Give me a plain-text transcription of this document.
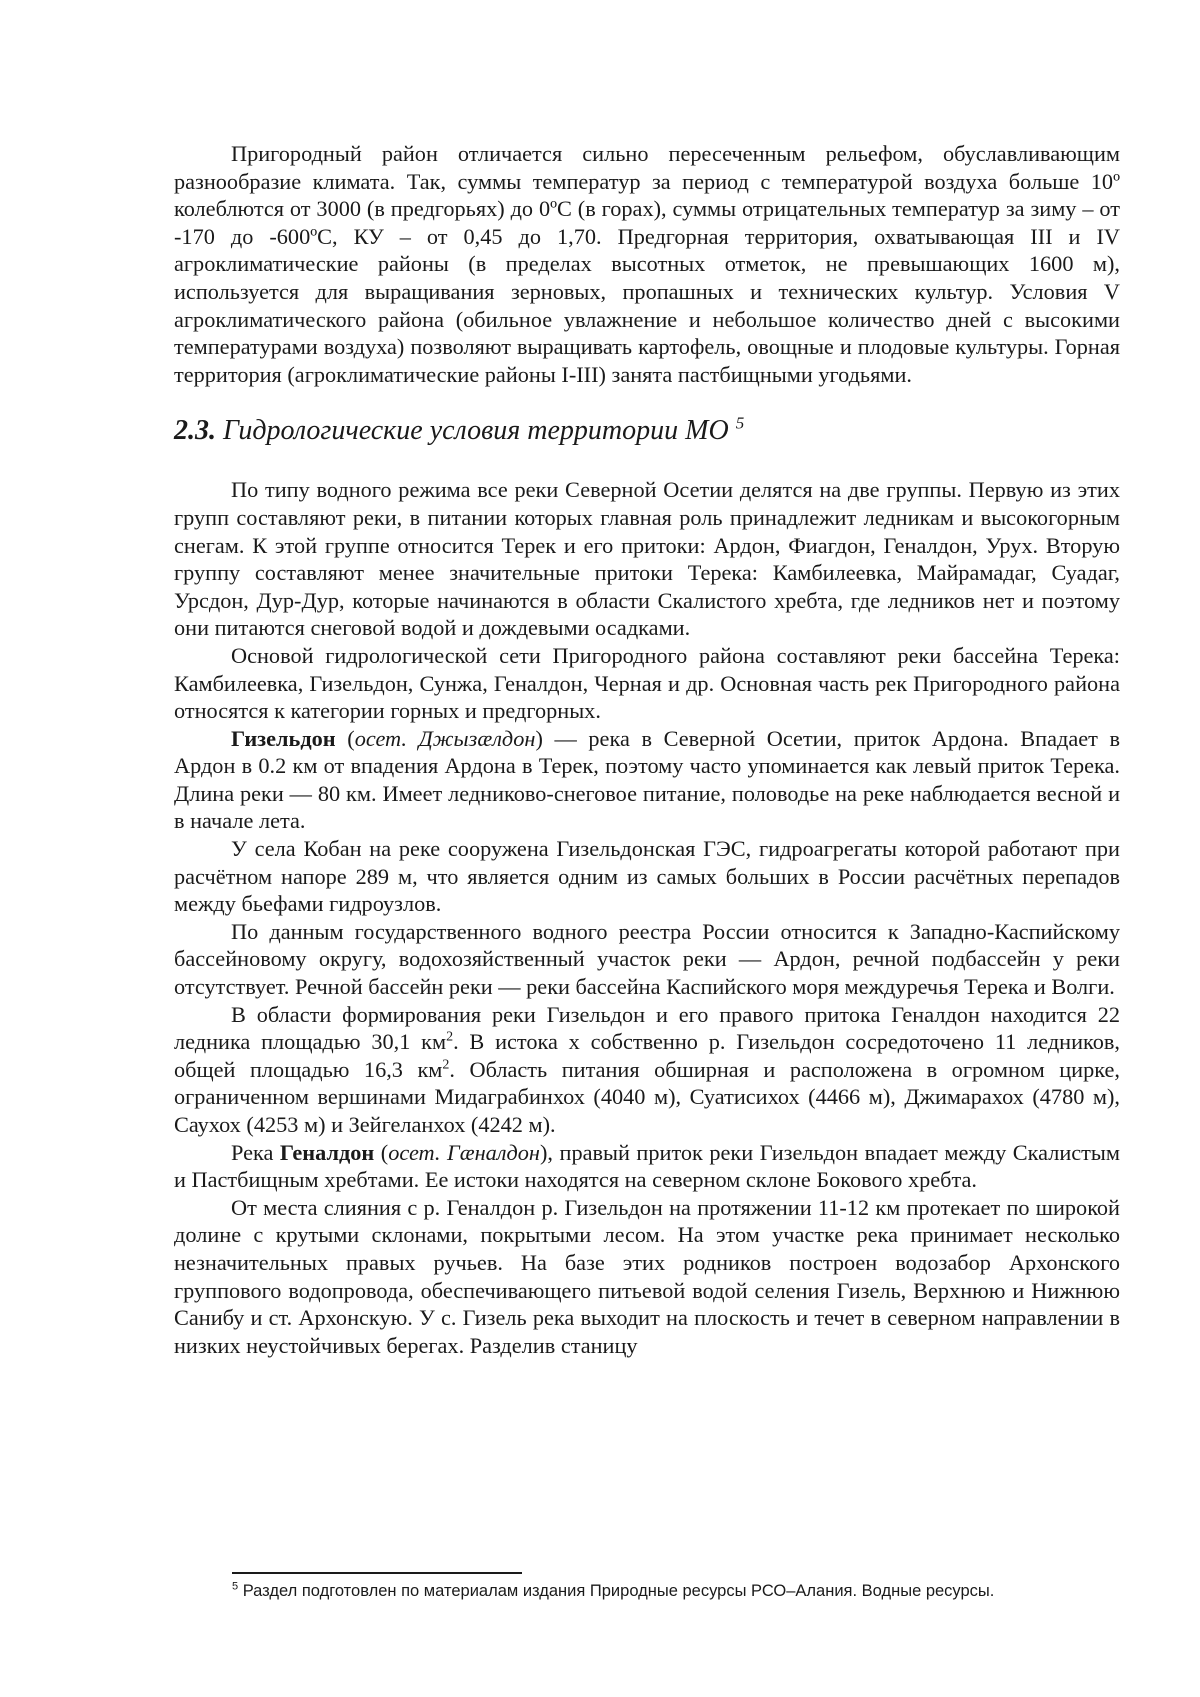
Пригородный район отличается сильно пересеченным рельефом, обуславливающим разнообразие климата. Так, суммы температур за период с температурой воздуха больше 10º колеблются от 3000 (в предгорьях) до 0ºС (в горах), суммы отрицательных температур за зиму – от -170 до -600ºС, КУ – от 0,45 до 1,70. Предгорная территория, охватывающая III и IV агроклиматические районы (в пределах высотных отметок, не превышающих 1600 м), используется для выращивания зерновых, пропашных и технических культур. Условия V агроклиматического района (обильное увлажнение и небольшое количество дней с высокими температурами воздуха) позволяют выращивать картофель, овощные и плодовые культуры. Горная территория (агроклиматические районы I-III) занята пастбищными угодьями.

2.3. Гидрологические условия территории МО $^5$

По типу водного режима все реки Северной Осетии делятся на две группы. Первую из этих групп составляют реки, в питании которых главная роль принадлежит ледникам и высокогорным снегам. К этой группе относится Терек и его притоки: Ардон, Фиагдон, Геналдон, Урух. Вторую группу составляют менее значительные притоки Терека: Камбилеевка, Майрамадаг, Суадаг, Урсдон, Дур-Дур, которые начинаются в области Скалистого хребта, где ледников нет и поэтому они питаются снеговой водой и дождевыми осадками.

Основой гидрологической сети Пригородного района составляют реки бассейна Терека: Камбилеевка, Гизельдон, Сунжа, Геналдон, Черная и др. Основная часть рек Пригородного района относятся к категории горных и предгорных.

Гизельдон (осет. Джызæлдон) — река в Северной Осетии, приток Ардона. Впадает в Ардон в 0.2 км от впадения Ардона в Терек, поэтому часто упоминается как левый приток Терека. Длина реки — 80 км. Имеет ледниково-снеговое питание, половодье на реке наблюдается весной и в начале лета.

У села Кобан на реке сооружена Гизельдонская ГЭС, гидроагрегаты которой работают при расчётном напоре 289 м, что является одним из самых больших в России расчётных перепадов между бьефами гидроузлов.

По данным государственного водного реестра России относится к Западно-Каспийскому бассейновому округу, водохозяйственный участок реки — Ардон, речной подбассейн у реки отсутствует. Речной бассейн реки — реки бассейна Каспийского моря междуречья Терека и Волги.

В области формирования реки Гизельдон и его правого притока Геналдон находится 22 ледника площадью 30,1 $км^2$. В истока х собственно р. Гизельдон сосредоточено 11 ледников, общей площадью 16,3 $км^2$. Область питания обширная и расположена в огромном цирке, ограниченном вершинами Мидаграбинхох (4040 м), Суатисихох (4466 м), Джимарахох (4780 м), Саухох (4253 м) и Зейгеланхох (4242 м).

Река Геналдон (осет. Гæналдон), правый приток реки Гизельдон впадает между Скалистым и Пастбищным хребтами. Ее истоки находятся на северном склоне Бокового хребта.

От места слияния с р. Геналдон р. Гизельдон на протяжении 11-12 км протекает по широкой долине с крутыми склонами, покрытыми лесом. На этом участке река принимает несколько незначительных правых ручьев. На базе этих родников построен водозабор Архонского группового водопровода, обеспечивающего питьевой водой селения Гизель, Верхнюю и Нижнюю Санибу и ст. Архонскую. У с. Гизель река выходит на плоскость и течет в северном направлении в низких неустойчивых берегах. Разделив станицу

$^5$ Раздел подготовлен по материалам издания Природные ресурсы РСО–Алания. Водные ресурсы.
